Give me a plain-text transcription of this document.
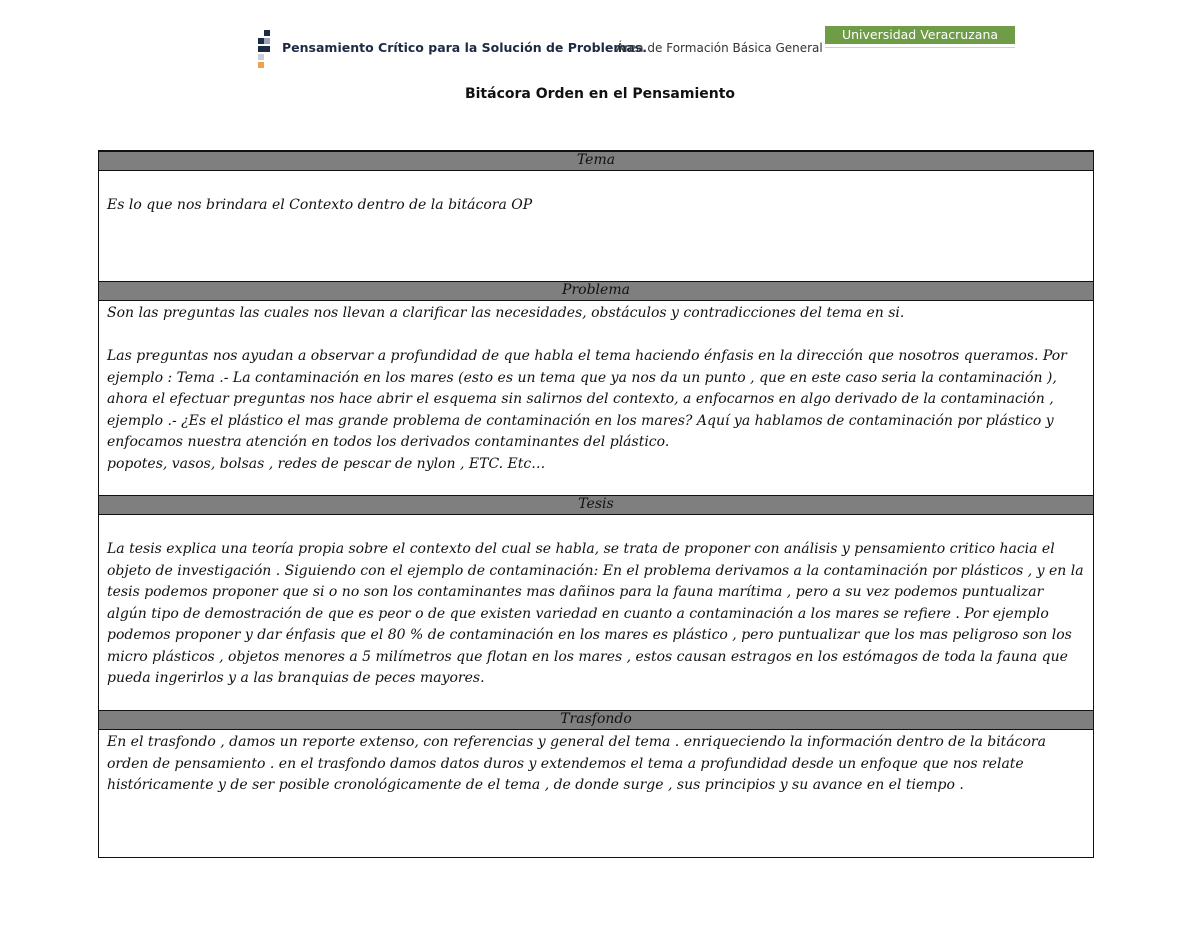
Pensamiento Crítico para la Solución de Problemas.
Área de Formación Básica General
Universidad Veracruzana
Bitácora Orden en el Pensamiento
Tema

Es lo que nos brindara el Contexto dentro de la bitácora OP

Problema

Son las preguntas las cuales nos llevan a clarificar las necesidades, obstáculos y contradicciones del tema en si.

Las preguntas nos ayudan a observar a profundidad de que habla el tema haciendo énfasis en la dirección que nosotros queramos. Por ejemplo : Tema .- La contaminación en los mares (esto es un tema que ya nos da un punto , que en este caso seria la contaminación ), ahora el efectuar preguntas nos hace abrir el esquema sin salirnos del contexto, a enfocarnos en algo derivado de la contaminación , ejemplo .- ¿Es el plástico el mas grande problema de contaminación en los mares? Aquí ya hablamos de contaminación por plástico y enfocamos nuestra atención en todos los derivados contaminantes del plástico.

popotes, vasos, bolsas , redes de pescar de nylon , ETC. Etc…

Tesis

La tesis explica una teoría propia sobre el contexto del cual se habla, se trata de proponer con análisis y pensamiento critico hacia el objeto de investigación . Siguiendo con el ejemplo de contaminación: En el problema derivamos a la contaminación por plásticos , y en la tesis podemos proponer que si o no son los contaminantes mas dañinos para la fauna marítima , pero a su vez podemos puntualizar algún tipo de demostración de que es peor o de que existen variedad en cuanto a contaminación a los mares se refiere . Por ejemplo podemos proponer y dar énfasis que el 80 % de contaminación en los mares es plástico , pero puntualizar que los mas peligroso son los micro plásticos , objetos menores a 5 milímetros que flotan en los mares , estos causan estragos en los estómagos de toda la fauna que pueda ingerirlos y a las branquias de peces mayores.

Trasfondo

En el trasfondo , damos un reporte extenso, con referencias y general del tema . enriqueciendo la información dentro de la bitácora orden de pensamiento . en el trasfondo damos datos duros y extendemos el tema a profundidad desde un enfoque que nos relate históricamente y de ser posible cronológicamente de el tema , de donde surge , sus principios y su avance en el tiempo .
